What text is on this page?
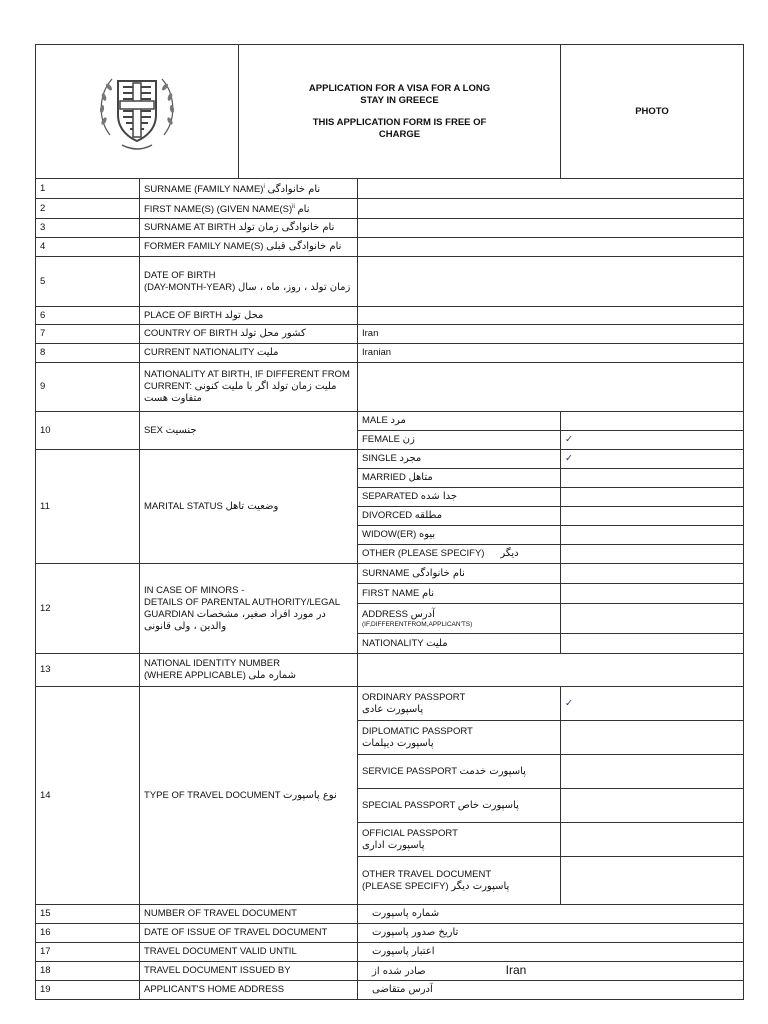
APPLICATION FOR A VISA FOR A LONG
STAY IN GREECE
THIS APPLICATION FORM IS FREE OF
CHARGE		PHOTO
1	SURNAME (FAMILY NAME)$^i$ نام خانوادگی			
2	FIRST NAME(S) (GIVEN $NAME(S)^{ii}$ نام			
3	SURNAME AT BIRTH نام خانوادگی زمان تولد			
4	FORMER FAMILY NAME(S) نام خانوادگی قبلی			
5	DATE OF BIRTH
(DAY-MONTH-YEAR) زمان تولد ، روز، ماه ، سال			

6	PLACE OF BIRTH محل تولد			
7	COUNTRY OF BIRTH کشور محل تولد		Iran	
8	CURRENT NATIONALITY ملیت		Iranian	
9	NATIONALITY AT BIRTH, IF DIFFERENT FROM
CURRENT: ملیت زمان تولد اگر با ملیت کنونی متفاوت هست			

10	SEX جنسیت		MALE مرد	
			FEMALE زن	✓
11	MARITAL STATUS وضعیت تاهل		SINGLE مجرد	✓
			MARRIED متاهل	
			SEPARATED جدا شده	
			DIVORCED مطلقه	
			WIDOW(ER) بیوه	
			OTHER (PLEASE SPECIFY) دیگر	
12	IN CASE OF MINORS -
DETAILS OF PARENTAL AUTHORITY/LEGAL
GUARDIAN در مورد افراد صغیر، مشخصات والدین ، ولی قانونی		SURNAME نام خانوادگی	
			FIRST NAME نام	
			ADDRESS آدرس
(IF,DIFFERENTFROM,APPLICAN'TS)	

			NATIONALITY ملیت	
13	NATIONAL IDENTITY NUMBER
(WHERE APPLICABLE) شماره ملی			

14	TYPE OF TRAVEL DOCUMENT نوع پاسپورت		ORDINARY PASSPORT
پاسپورت عادی	✓

			DIPLOMATIC PASSPORT
پاسپورت دیپلمات	

			SERVICE PASSPORT پاسپورت خدمت	
			SPECIAL PASSPORT پاسپورت خاص	

			OFFICIAL PASSPORT
پاسپورت اداری	

			OTHER TRAVEL DOCUMENT
(PLEASE SPECIFY) پاسپورت دیگر	

15	NUMBER OF TRAVEL DOCUMENT		شماره پاسپورت	
16	DATE OF ISSUE OF TRAVEL DOCUMENT		تاریخ صدور پاسپورت	
17	TRAVEL DOCUMENT VALID UNTIL		اعتبار پاسپورت	
18	TRAVEL DOCUMENT ISSUED BY		صادر شده از Iran	
19	APPLICANT'S HOME ADDRESS		آدرس متقاضی	
